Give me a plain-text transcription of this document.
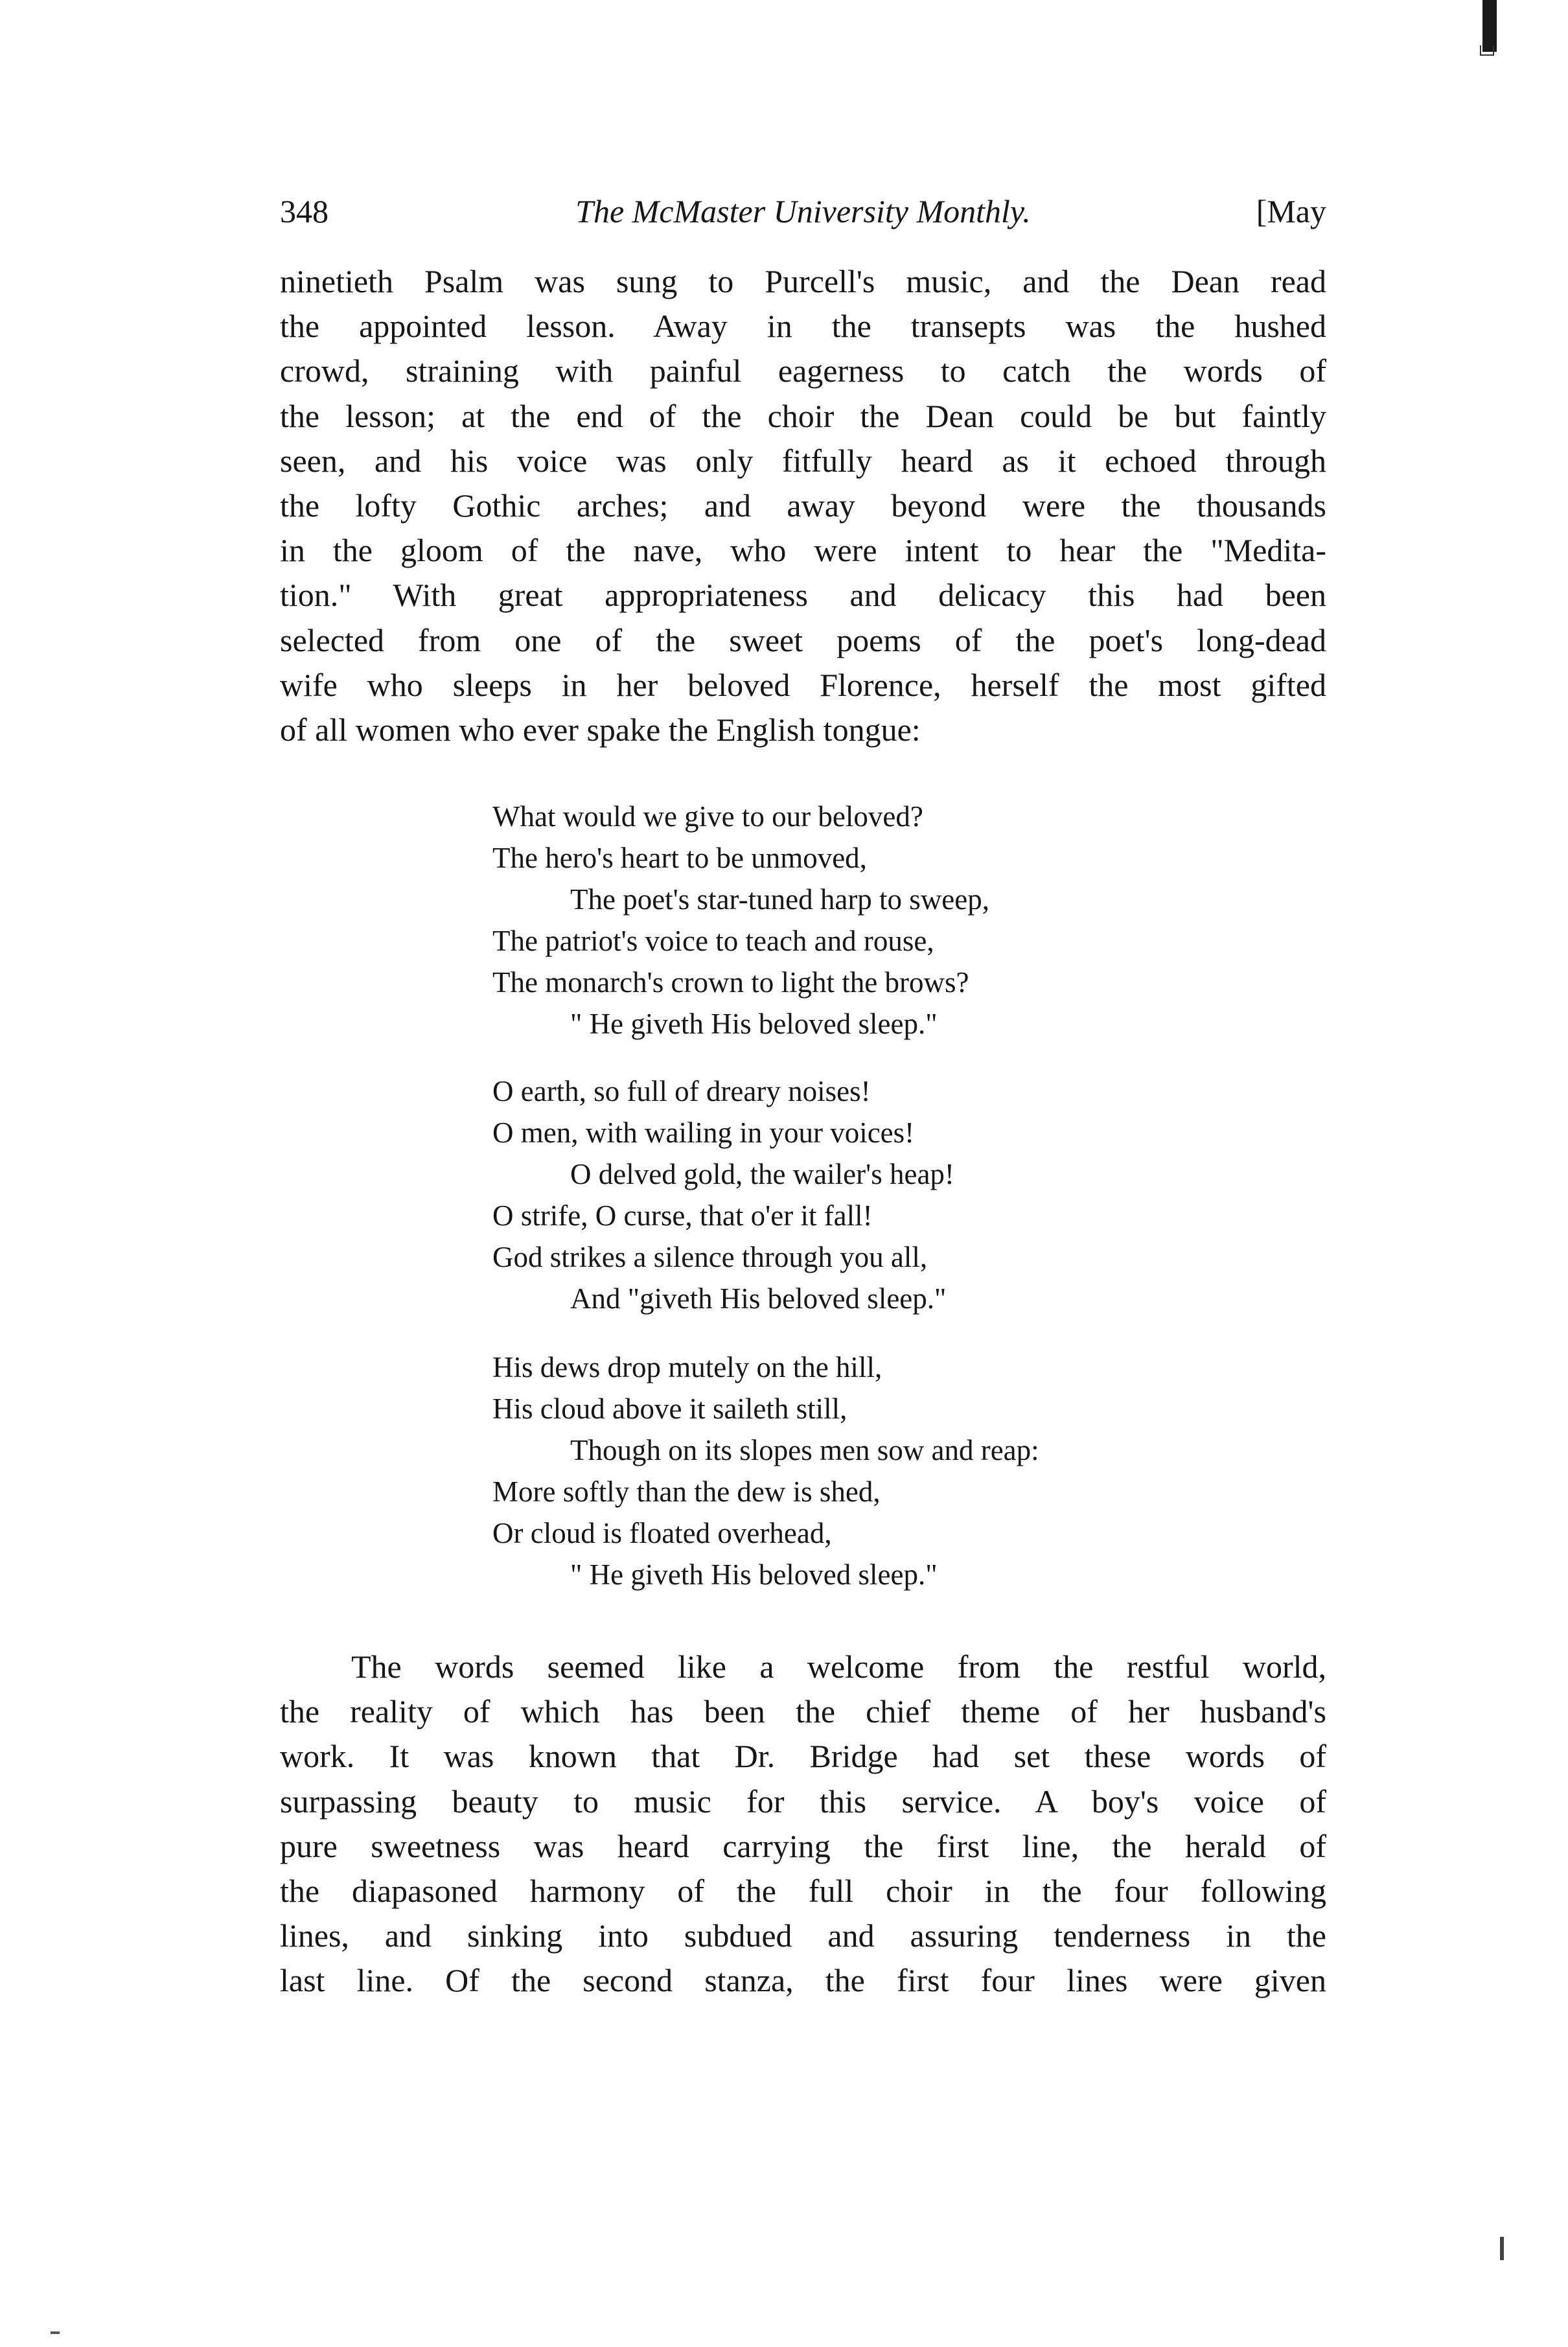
348	The McMaster University Monthly.	[May
ninetieth Psalm was sung to Purcell's music, and the Dean read
the appointed lesson. Away in the transepts was the hushed
crowd, straining with painful eagerness to catch the words of
the lesson; at the end of the choir the Dean could be but faintly
seen, and his voice was only fitfully heard as it echoed through
the lofty Gothic arches; and away beyond were the thousands
in the gloom of the nave, who were intent to hear the "Medita-
tion." With great appropriateness and delicacy this had been
selected from one of the sweet poems of the poet's long-dead
wife who sleeps in her beloved Florence, herself the most gifted
of all women who ever spake the English tongue:
What would we give to our beloved?
The hero's heart to be unmoved,
The poet's star-tuned harp to sweep,
The patriot's voice to teach and rouse,
The monarch's crown to light the brows?
" He giveth His beloved sleep."
O earth, so full of dreary noises!
O men, with wailing in your voices!
O delved gold, the wailer's heap!
O strife, O curse, that o'er it fall!
God strikes a silence through you all,
And "giveth His beloved sleep."
His dews drop mutely on the hill,
His cloud above it saileth still,
Though on its slopes men sow and reap:
More softly than the dew is shed,
Or cloud is floated overhead,
" He giveth His beloved sleep."
The words seemed like a welcome from the restful world,
the reality of which has been the chief theme of her husband's
work. It was known that Dr. Bridge had set these words of
surpassing beauty to music for this service. A boy's voice of
pure sweetness was heard carrying the first line, the herald of
the diapasoned harmony of the full choir in the four following
lines, and sinking into subdued and assuring tenderness in the
last line. Of the second stanza, the first four lines were given
